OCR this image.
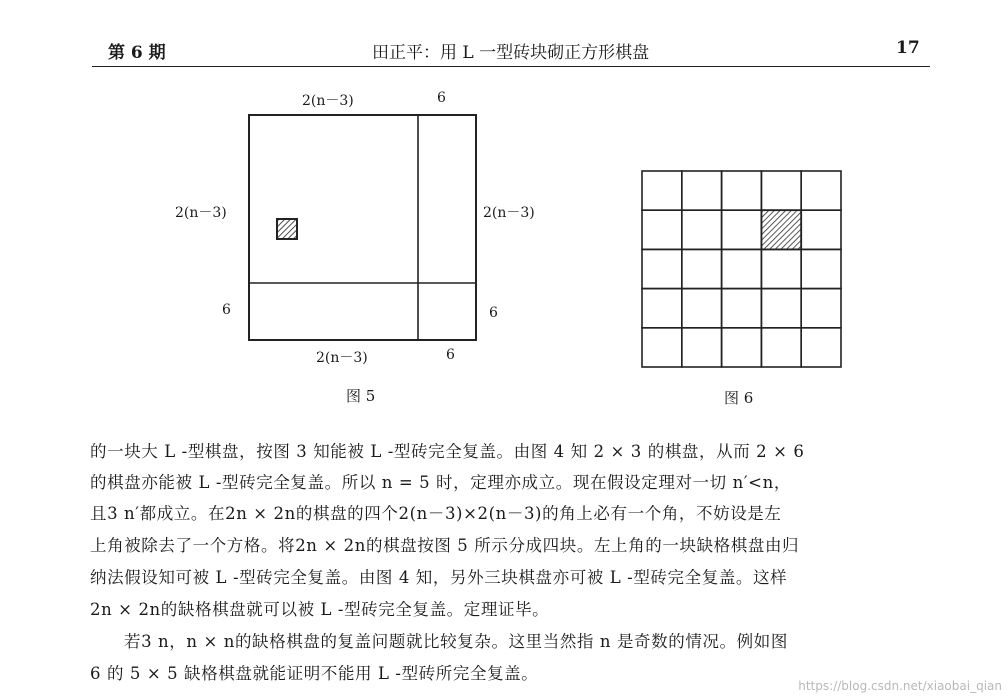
第 6 期	田正平：用 L 一型砖块砌正方形棋盘	17
2(n－3)	6
2(n－3)	2(n－3)
6	6
2(n－3)	6
图 5	图 6
的一块大 L -型棋盘，按图 3 知能被 L -型砖完全复盖。由图 4 知 2 × 3 的棋盘，从而 2 × 6
的棋盘亦能被 L -型砖完全复盖。所以 n = 5 时，定理亦成立。现在假设定理对一切 n′<n，
且3 n′都成立。在2n × 2n的棋盘的四个2(n－3)×2(n－3)的角上必有一个角，不妨设是左
上角被除去了一个方格。将2n × 2n的棋盘按图 5 所示分成四块。左上角的一块缺格棋盘由归
纳法假设知可被 L -型砖完全复盖。由图 4 知，另外三块棋盘亦可被 L -型砖完全复盖。这样
2n × 2n的缺格棋盘就可以被 L -型砖完全复盖。定理证毕。
若3 n，n × n的缺格棋盘的复盖问题就比较复杂。这里当然指 n 是奇数的情况。例如图
6 的 5 × 5 缺格棋盘就能证明不能用 L -型砖所完全复盖。
https://blog.csdn.net/xiaobai_qian
